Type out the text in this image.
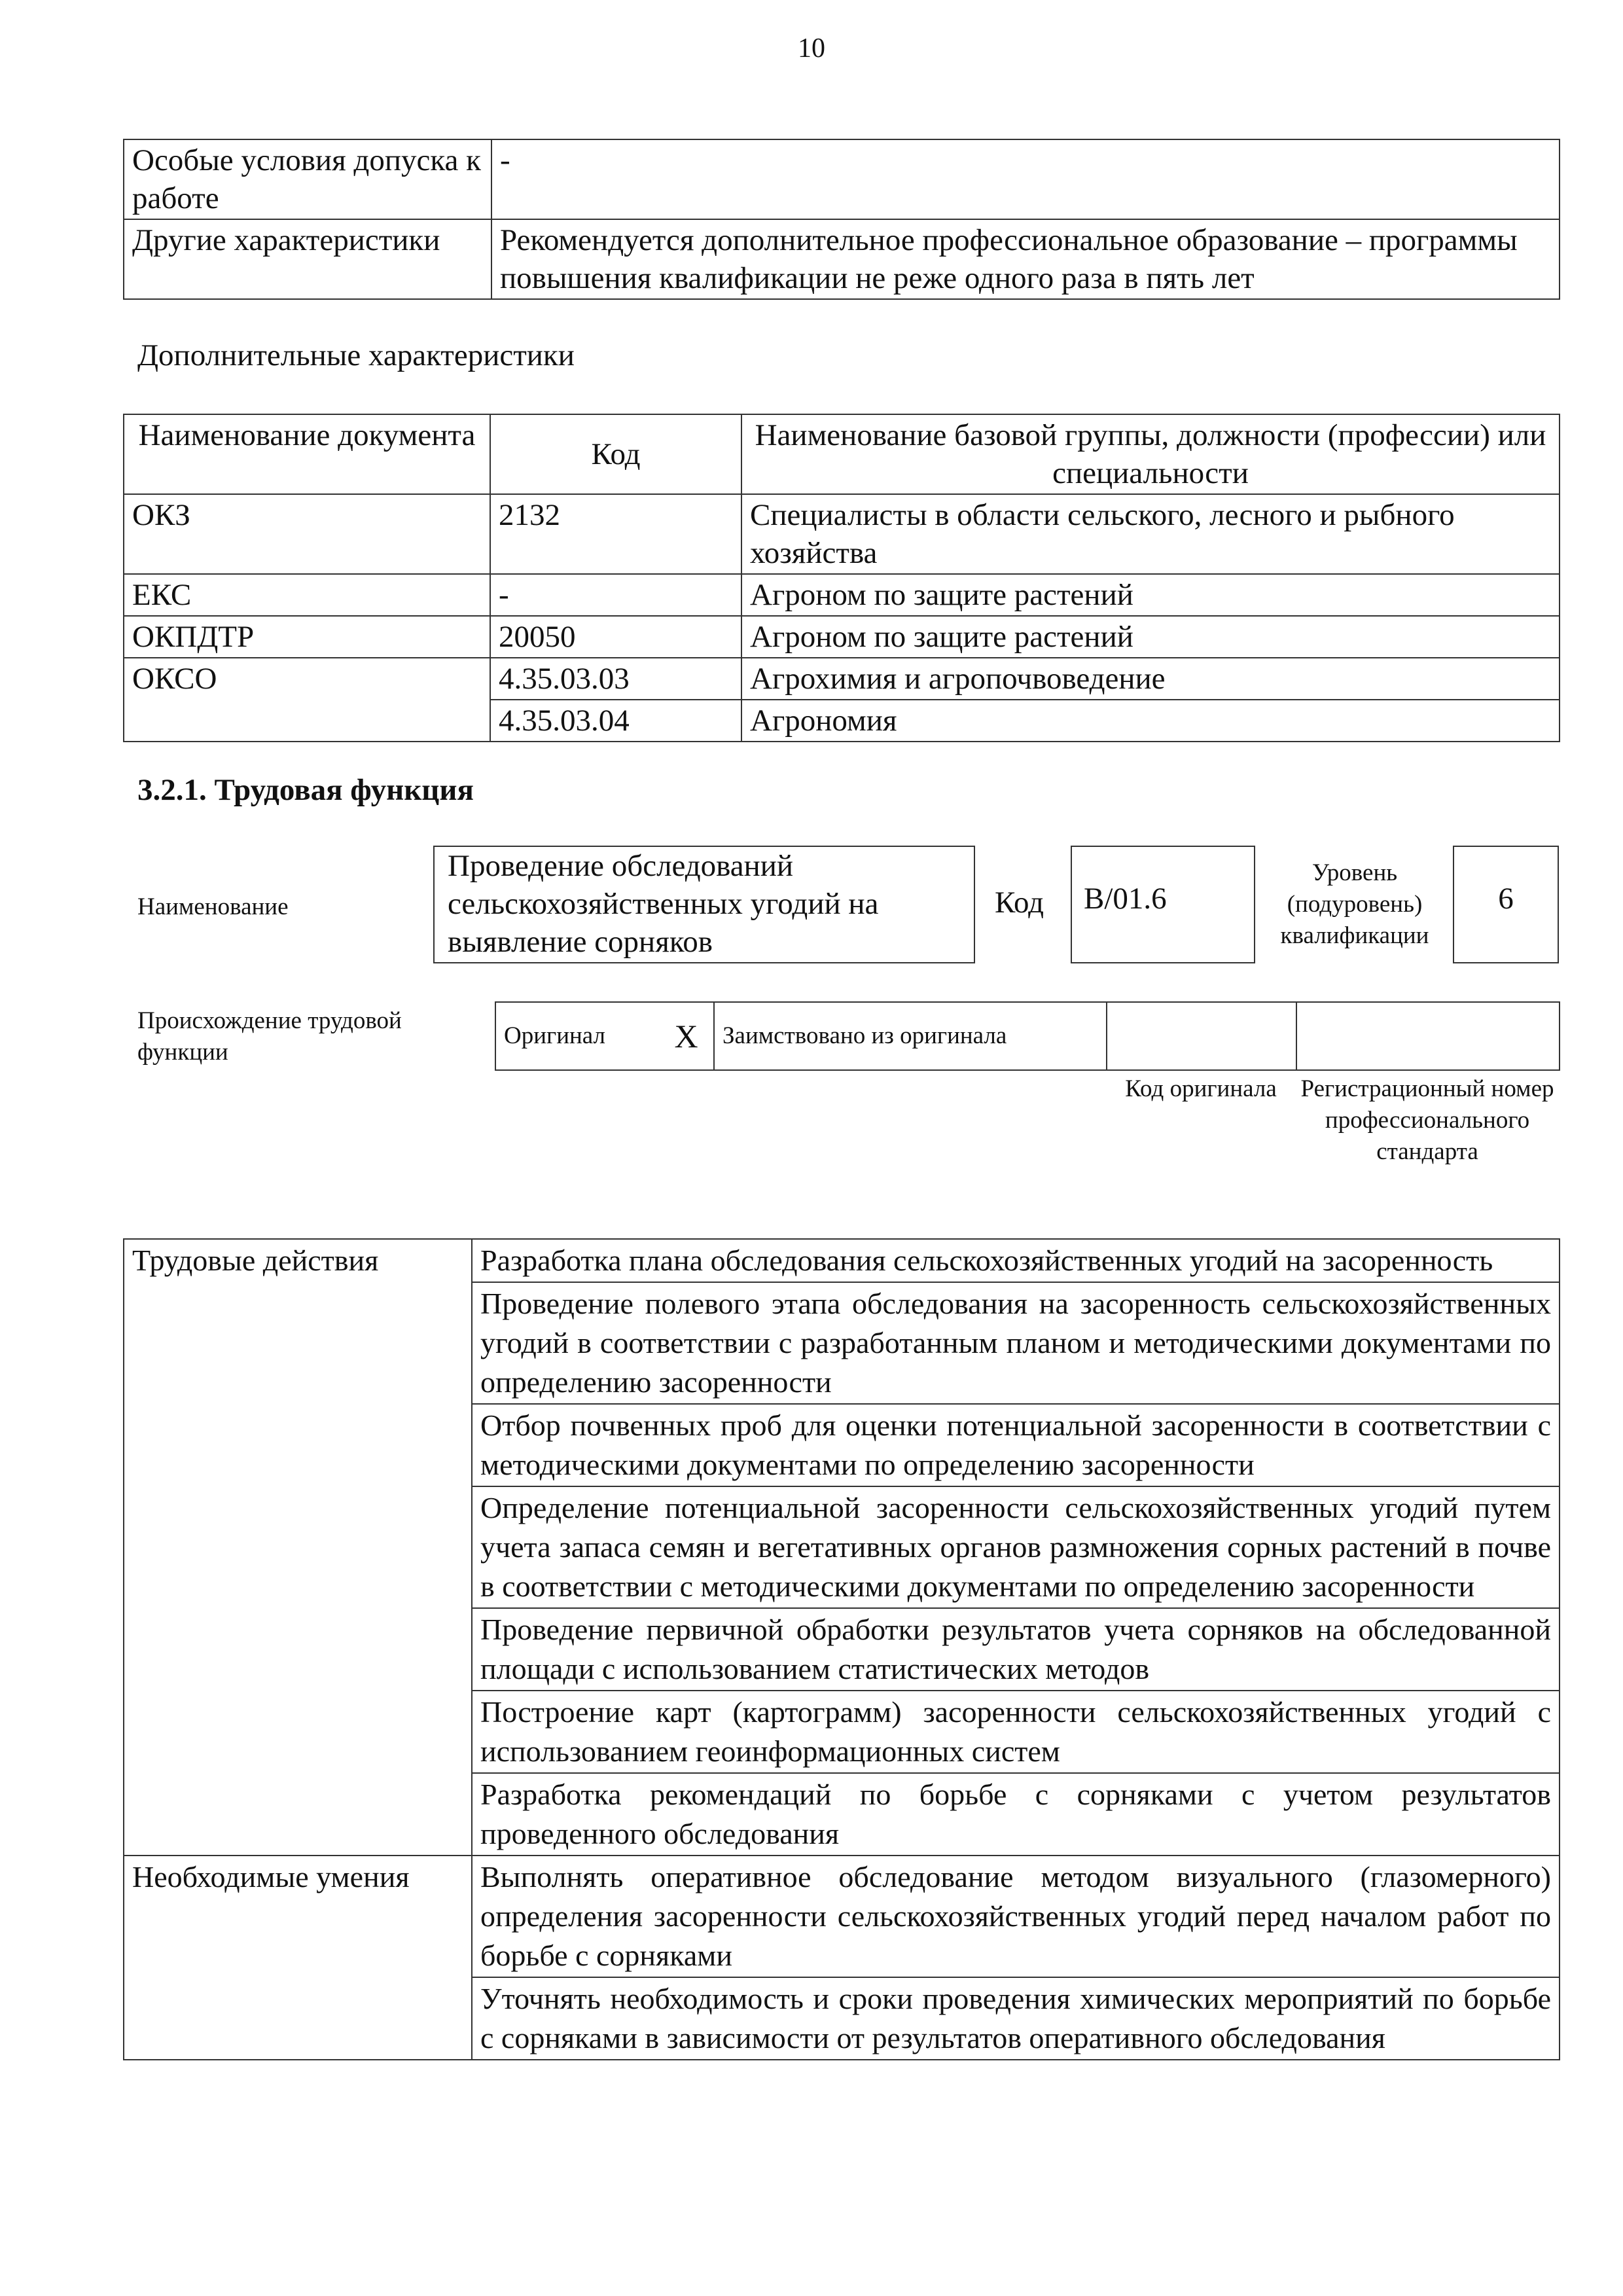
10
Особые условия допуска к работе	-
Другие характеристики	Рекомендуется дополнительное профессиональное образование – программы повышения квалификации не реже одного раза в пять лет
Дополнительные характеристики
Наименование документа	Код	Наименование базовой группы, должности (профессии) или специальности
ОКЗ	2132	Специалисты в области сельского, лесного и рыбного хозяйства
ЕКС	-	Агроном по защите растений
ОКПДТР	20050	Агроном по защите растений
ОКСО	4.35.03.03	Агрохимия и агропочвоведение
	4.35.03.04	Агрономия
3.2.1. Трудовая функция
Наименование
Проведение обследований сельскохозяйственных угодий на выявление сорняков
Код	B/01.6
Уровень (подуровень) квалификации
6
Происхождение трудовой функции
Оригинал	X	Заимствовано из оригинала		
Код оригинала Регистрационный номер профессионального стандарта
Трудовые действия	Разработка плана обследования сельскохозяйственных угодий на засоренность
	Проведение полевого этапа обследования на засоренность сельскохозяйственных угодий в соответствии с разработанным планом и методическими документами по определению засоренности
	Отбор почвенных проб для оценки потенциальной засоренности в соответствии с методическими документами по определению засоренности
	Определение потенциальной засоренности сельскохозяйственных угодий путем учета запаса семян и вегетативных органов размножения сорных растений в почве в соответствии с методическими документами по определению засоренности
	Проведение первичной обработки результатов учета сорняков на обследованной площади с использованием статистических методов
	Построение карт (картограмм) засоренности сельскохозяйственных угодий с использованием геоинформационных систем
	Разработка рекомендаций по борьбе с сорняками с учетом результатов проведенного обследования
Необходимые умения	Выполнять оперативное обследование методом визуального (глазомерного) определения засоренности сельскохозяйственных угодий перед началом работ по борьбе с сорняками
	Уточнять необходимость и сроки проведения химических мероприятий по борьбе с сорняками в зависимости от результатов оперативного обследования
